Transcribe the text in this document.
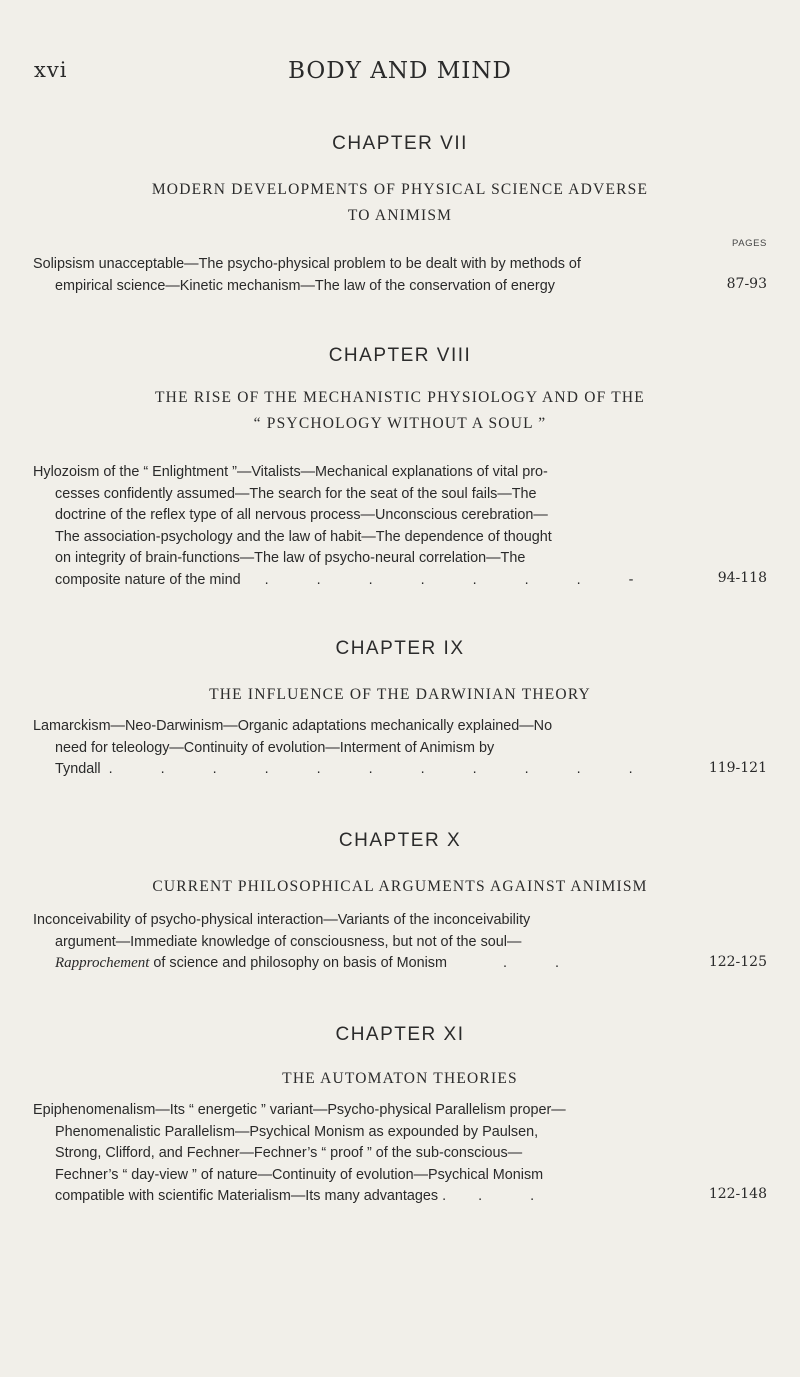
xvi	BODY AND MIND
CHAPTER VII
MODERN DEVELOPMENTS OF PHYSICAL SCIENCE ADVERSE
TO ANIMISM
PAGES
Solipsism unacceptable—The psycho-physical problem to be dealt with by methods of
empirical science—Kinetic mechanism—The law of the conservation of energy	87-93
CHAPTER VIII
THE RISE OF THE MECHANISTIC PHYSIOLOGY AND OF THE
“ PSYCHOLOGY WITHOUT A SOUL ”
Hylozoism of the “ Enlightment ”—Vitalists—Mechanical explanations of vital pro-
cesses confidently assumed—The search for the seat of the soul fails—The
doctrine of the reflex type of all nervous process—Unconscious cerebration—
The association-psychology and the law of habit—The dependence of thought
on integrity of brain-functions—The law of psycho-neural correlation—The
composite nature of the mind . . . . . . . -	94-118
CHAPTER IX
THE INFLUENCE OF THE DARWINIAN THEORY
Lamarckism—Neo-Darwinism—Organic adaptations mechanically explained—No
need for teleology—Continuity of evolution—Interment of Animism by
Tyndall . . . . . . . . . . .	119-121
CHAPTER X
CURRENT PHILOSOPHICAL ARGUMENTS AGAINST ANIMISM
Inconceivability of psycho-physical interaction—Variants of the inconceivability
argument—Immediate knowledge of consciousness, but not of the soul—
Rapprochement of science and philosophy on basis of Monism	. .	122-125
CHAPTER XI
THE AUTOMATON THEORIES
Epiphenomenalism—Its “ energetic ” variant—Psycho-physical Parallelism proper—
Phenomenalistic Parallelism—Psychical Monism as expounded by Paulsen,
Strong, Clifford, and Fechner—Fechner’s “ proof ” of the sub-conscious—
Fechner’s “ day-view ” of nature—Continuity of evolution—Psychical Monism
compatible with scientific Materialism—Its many advantages . . .	122-148
